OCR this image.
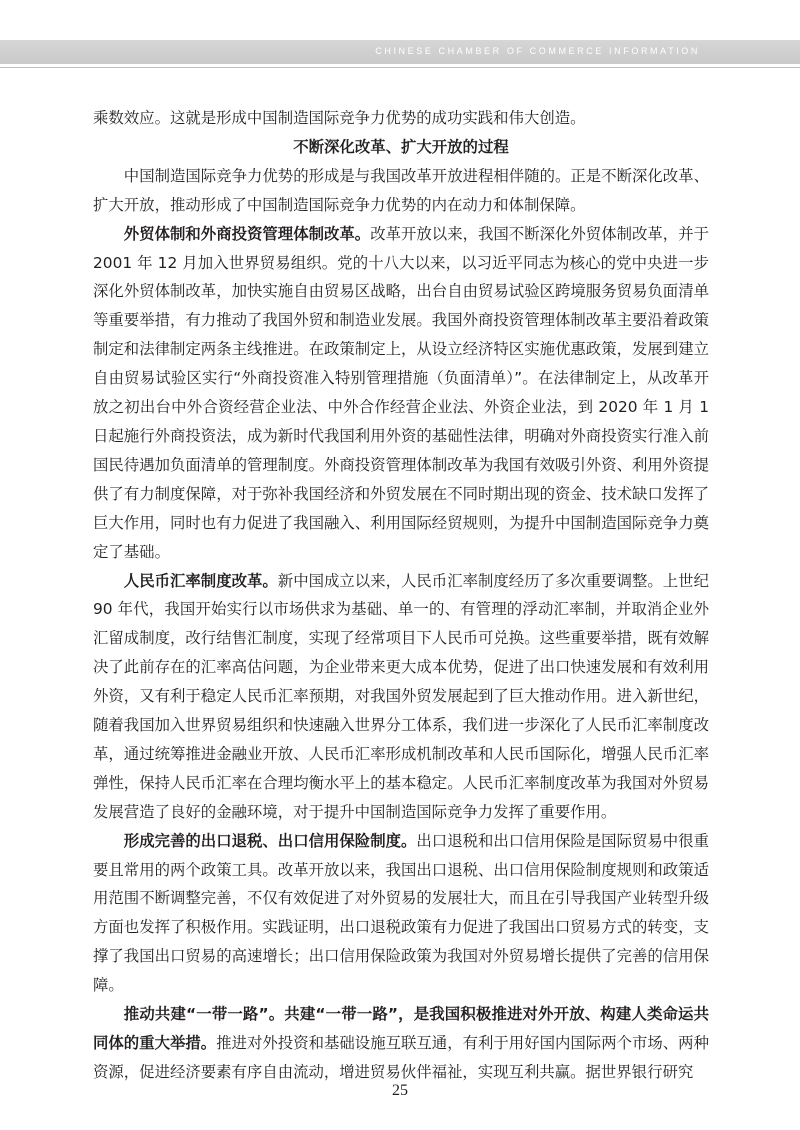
CHINESE CHAMBER OF COMMERCE INFORMATION

乘数效应。这就是形成中国制造国际竞争力优势的成功实践和伟大创造。

不断深化改革、扩大开放的过程

中国制造国际竞争力优势的形成是与我国改革开放进程相伴随的。正是不断深化改革、扩大开放，推动形成了中国制造国际竞争力优势的内在动力和体制保障。

外贸体制和外商投资管理体制改革。改革开放以来，我国不断深化外贸体制改革，并于 2001 年 12 月加入世界贸易组织。党的十八大以来，以习近平同志为核心的党中央进一步深化外贸体制改革，加快实施自由贸易区战略，出台自由贸易试验区跨境服务贸易负面清单等重要举措，有力推动了我国外贸和制造业发展。我国外商投资管理体制改革主要沿着政策制定和法律制定两条主线推进。在政策制定上，从设立经济特区实施优惠政策，发展到建立自由贸易试验区实行“外商投资准入特别管理措施（负面清单）”。在法律制定上，从改革开放之初出台中外合资经营企业法、中外合作经营企业法、外资企业法，到 2020 年 1 月 1 日起施行外商投资法，成为新时代我国利用外资的基础性法律，明确对外商投资实行准入前国民待遇加负面清单的管理制度。外商投资管理体制改革为我国有效吸引外资、利用外资提供了有力制度保障，对于弥补我国经济和外贸发展在不同时期出现的资金、技术缺口发挥了巨大作用，同时也有力促进了我国融入、利用国际经贸规则，为提升中国制造国际竞争力奠定了基础。

人民币汇率制度改革。新中国成立以来，人民币汇率制度经历了多次重要调整。上世纪 90 年代，我国开始实行以市场供求为基础、单一的、有管理的浮动汇率制，并取消企业外汇留成制度，改行结售汇制度，实现了经常项目下人民币可兑换。这些重要举措，既有效解决了此前存在的汇率高估问题，为企业带来更大成本优势，促进了出口快速发展和有效利用外资，又有利于稳定人民币汇率预期，对我国外贸发展起到了巨大推动作用。进入新世纪，随着我国加入世界贸易组织和快速融入世界分工体系，我们进一步深化了人民币汇率制度改革，通过统筹推进金融业开放、人民币汇率形成机制改革和人民币国际化，增强人民币汇率弹性，保持人民币汇率在合理均衡水平上的基本稳定。人民币汇率制度改革为我国对外贸易发展营造了良好的金融环境，对于提升中国制造国际竞争力发挥了重要作用。

形成完善的出口退税、出口信用保险制度。出口退税和出口信用保险是国际贸易中很重要且常用的两个政策工具。改革开放以来，我国出口退税、出口信用保险制度规则和政策适用范围不断调整完善，不仅有效促进了对外贸易的发展壮大，而且在引导我国产业转型升级方面也发挥了积极作用。实践证明，出口退税政策有力促进了我国出口贸易方式的转变，支撑了我国出口贸易的高速增长；出口信用保险政策为我国对外贸易增长提供了完善的信用保障。

推动共建“一带一路”。共建“一带一路”，是我国积极推进对外开放、构建人类命运共同体的重大举措。推进对外投资和基础设施互联互通，有利于用好国内国际两个市场、两种资源，促进经济要素有序自由流动，增进贸易伙伴福祉，实现互利共赢。据世界银行研究

25
